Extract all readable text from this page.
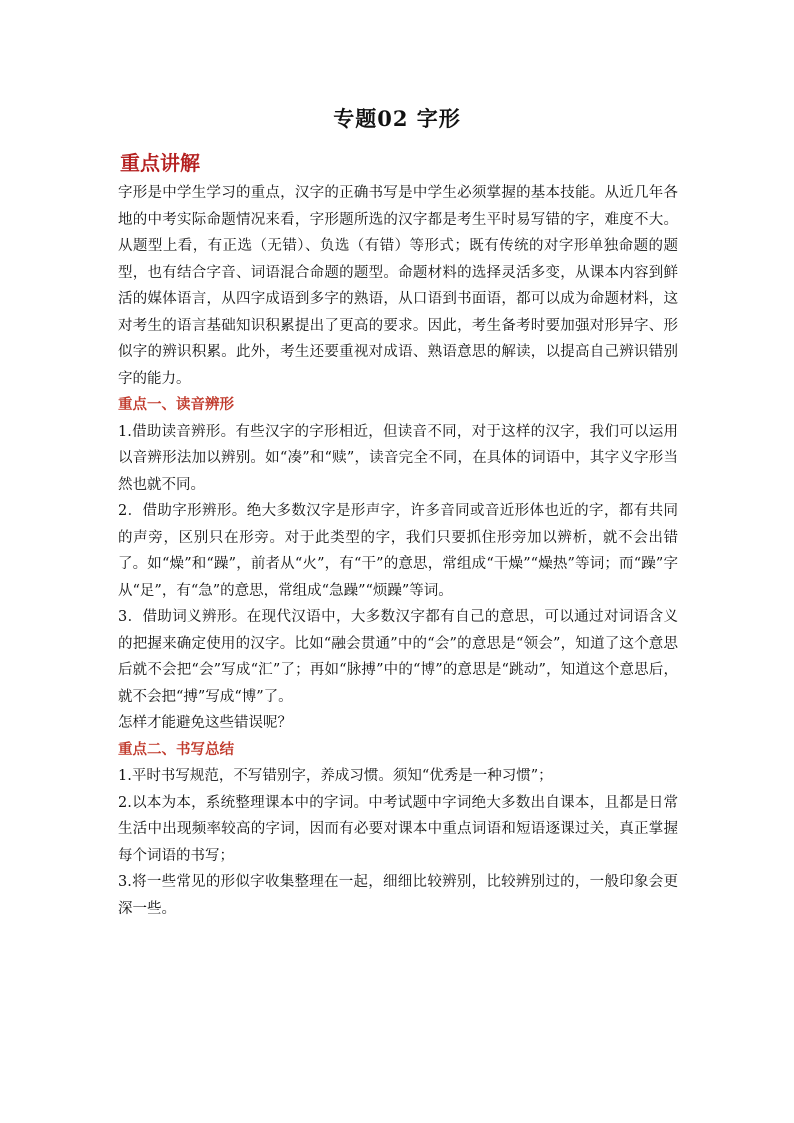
专题02 字形
重点讲解

字形是中学生学习的重点，汉字的正确书写是中学生必须掌握的基本技能。从近几年各地的中考实际命题情况来看，字形题所选的汉字都是考生平时易写错的字，难度不大。从题型上看，有正选（无错）、负选（有错）等形式；既有传统的对字形单独命题的题型，也有结合字音、词语混合命题的题型。命题材料的选择灵活多变，从课本内容到鲜活的媒体语言，从四字成语到多字的熟语，从口语到书面语，都可以成为命题材料，这对考生的语言基础知识积累提出了更高的要求。因此，考生备考时要加强对形异字、形似字的辨识积累。此外，考生还要重视对成语、熟语意思的解读，以提高自己辨识错别字的能力。

重点一、读音辨形

1.借助读音辨形。有些汉字的字形相近，但读音不同，对于这样的汉字，我们可以运用以音辨形法加以辨别。如“凑”和“赎”，读音完全不同，在具体的词语中，其字义字形当然也就不同。

2．借助字形辨形。绝大多数汉字是形声字，许多音同或音近形体也近的字，都有共同的声旁，区别只在形旁。对于此类型的字，我们只要抓住形旁加以辨析，就不会出错了。如“燥”和“躁”，前者从“火”，有“干”的意思，常组成“干燥”“燥热”等词；而“躁”字从“足”，有“急”的意思，常组成“急躁”“烦躁”等词。

3．借助词义辨形。在现代汉语中，大多数汉字都有自己的意思，可以通过对词语含义的把握来确定使用的汉字。比如“融会贯通”中的“会”的意思是“领会”，知道了这个意思后就不会把“会”写成“汇”了；再如“脉搏”中的“博”的意思是“跳动”，知道这个意思后，就不会把“搏”写成“博”了。

怎样才能避免这些错误呢？

重点二、书写总结

1.平时书写规范，不写错别字，养成习惯。须知“优秀是一种习惯”；

2.以本为本，系统整理课本中的字词。中考试题中字词绝大多数出自课本，且都是日常生活中出现频率较高的字词，因而有必要对课本中重点词语和短语逐课过关，真正掌握每个词语的书写；

3.将一些常见的形似字收集整理在一起，细细比较辨别，比较辨别过的，一般印象会更深一些。
